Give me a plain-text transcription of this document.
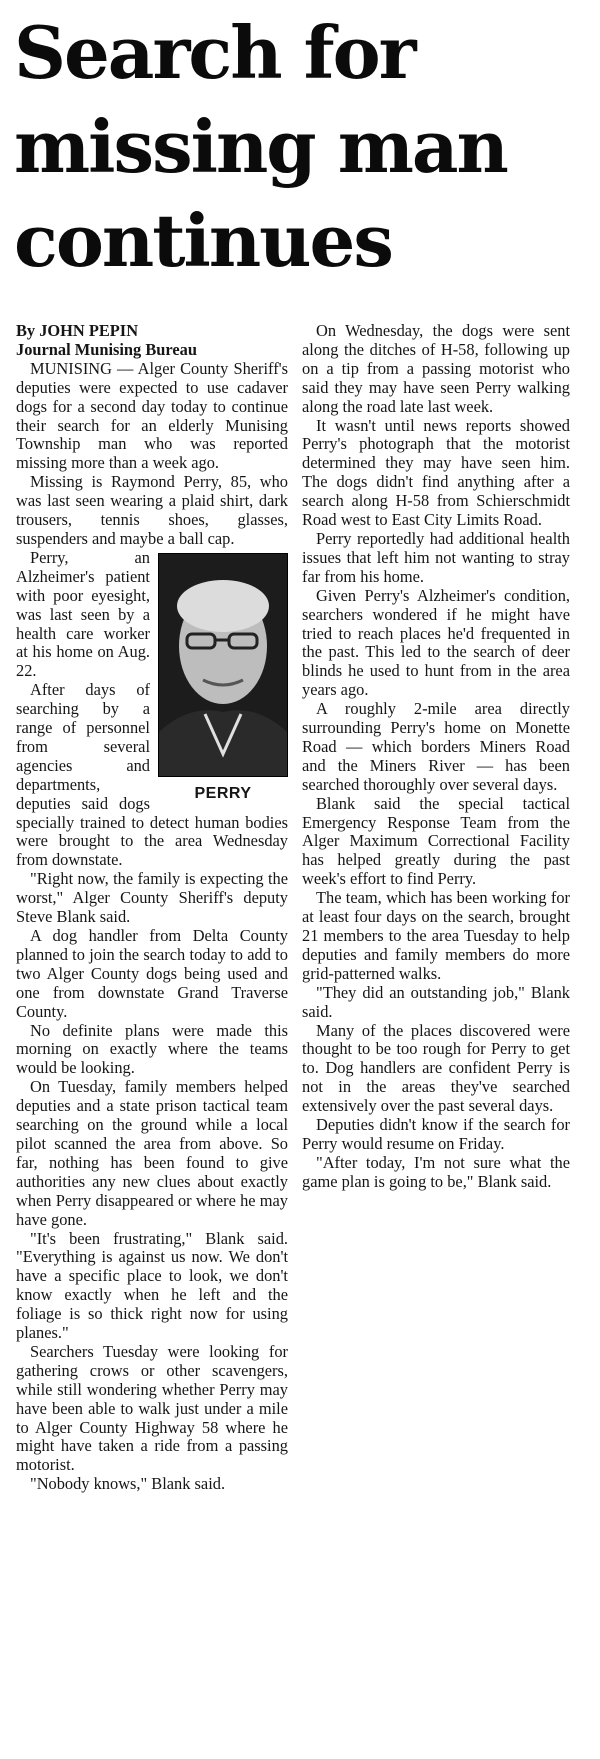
Search for
missing man
continues
By JOHN PEPIN
Journal Munising Bureau

MUNISING — Alger County Sheriff's deputies were expected to use cadaver dogs for a second day today to continue their search for an elderly Munising Township man who was reported missing more than a week ago.

Missing is Raymond Perry, 85, who was last seen wearing a plaid shirt, dark trousers, tennis shoes, glasses, suspenders and maybe a ball cap.

PERRY

Perry, an Alzheimer's patient with poor eyesight, was last seen by a health care worker at his home on Aug. 22.

After days of searching by a range of personnel from several agencies and departments, deputies said dogs specially trained to detect human bodies were brought to the area Wednesday from downstate.

"Right now, the family is expecting the worst," Alger County Sheriff's deputy Steve Blank said.

A dog handler from Delta County planned to join the search today to add to two Alger County dogs being used and one from downstate Grand Traverse County.

No definite plans were made this morning on exactly where the teams would be looking.

On Tuesday, family members helped deputies and a state prison tactical team searching on the ground while a local pilot scanned the area from above. So far, nothing has been found to give authorities any new clues about exactly when Perry disappeared or where he may have gone.

"It's been frustrating," Blank said. "Everything is against us now. We don't have a specific place to look, we don't know exactly when he left and the foliage is so thick right now for using planes."

Searchers Tuesday were looking for gathering crows or other scavengers, while still wondering whether Perry may have been able to walk just under a mile to Alger County Highway 58 where he might have taken a ride from a passing motorist.

"Nobody knows," Blank said.

On Wednesday, the dogs were sent along the ditches of H-58, following up on a tip from a passing motorist who said they may have seen Perry walking along the road late last week.

It wasn't until news reports showed Perry's photograph that the motorist determined they may have seen him. The dogs didn't find anything after a search along H-58 from Schierschmidt Road west to East City Limits Road.

Perry reportedly had additional health issues that left him not wanting to stray far from his home.

Given Perry's Alzheimer's condition, searchers wondered if he might have tried to reach places he'd frequented in the past. This led to the search of deer blinds he used to hunt from in the area years ago.

A roughly 2-mile area directly surrounding Perry's home on Monette Road — which borders Miners Road and the Miners River — has been searched thoroughly over several days.

Blank said the special tactical Emergency Response Team from the Alger Maximum Correctional Facility has helped greatly during the past week's effort to find Perry.

The team, which has been working for at least four days on the search, brought 21 members to the area Tuesday to help deputies and family members do more grid-patterned walks.

"They did an outstanding job," Blank said.

Many of the places discovered were thought to be too rough for Perry to get to. Dog handlers are confident Perry is not in the areas they've searched extensively over the past several days.

Deputies didn't know if the search for Perry would resume on Friday.

"After today, I'm not sure what the game plan is going to be," Blank said.
